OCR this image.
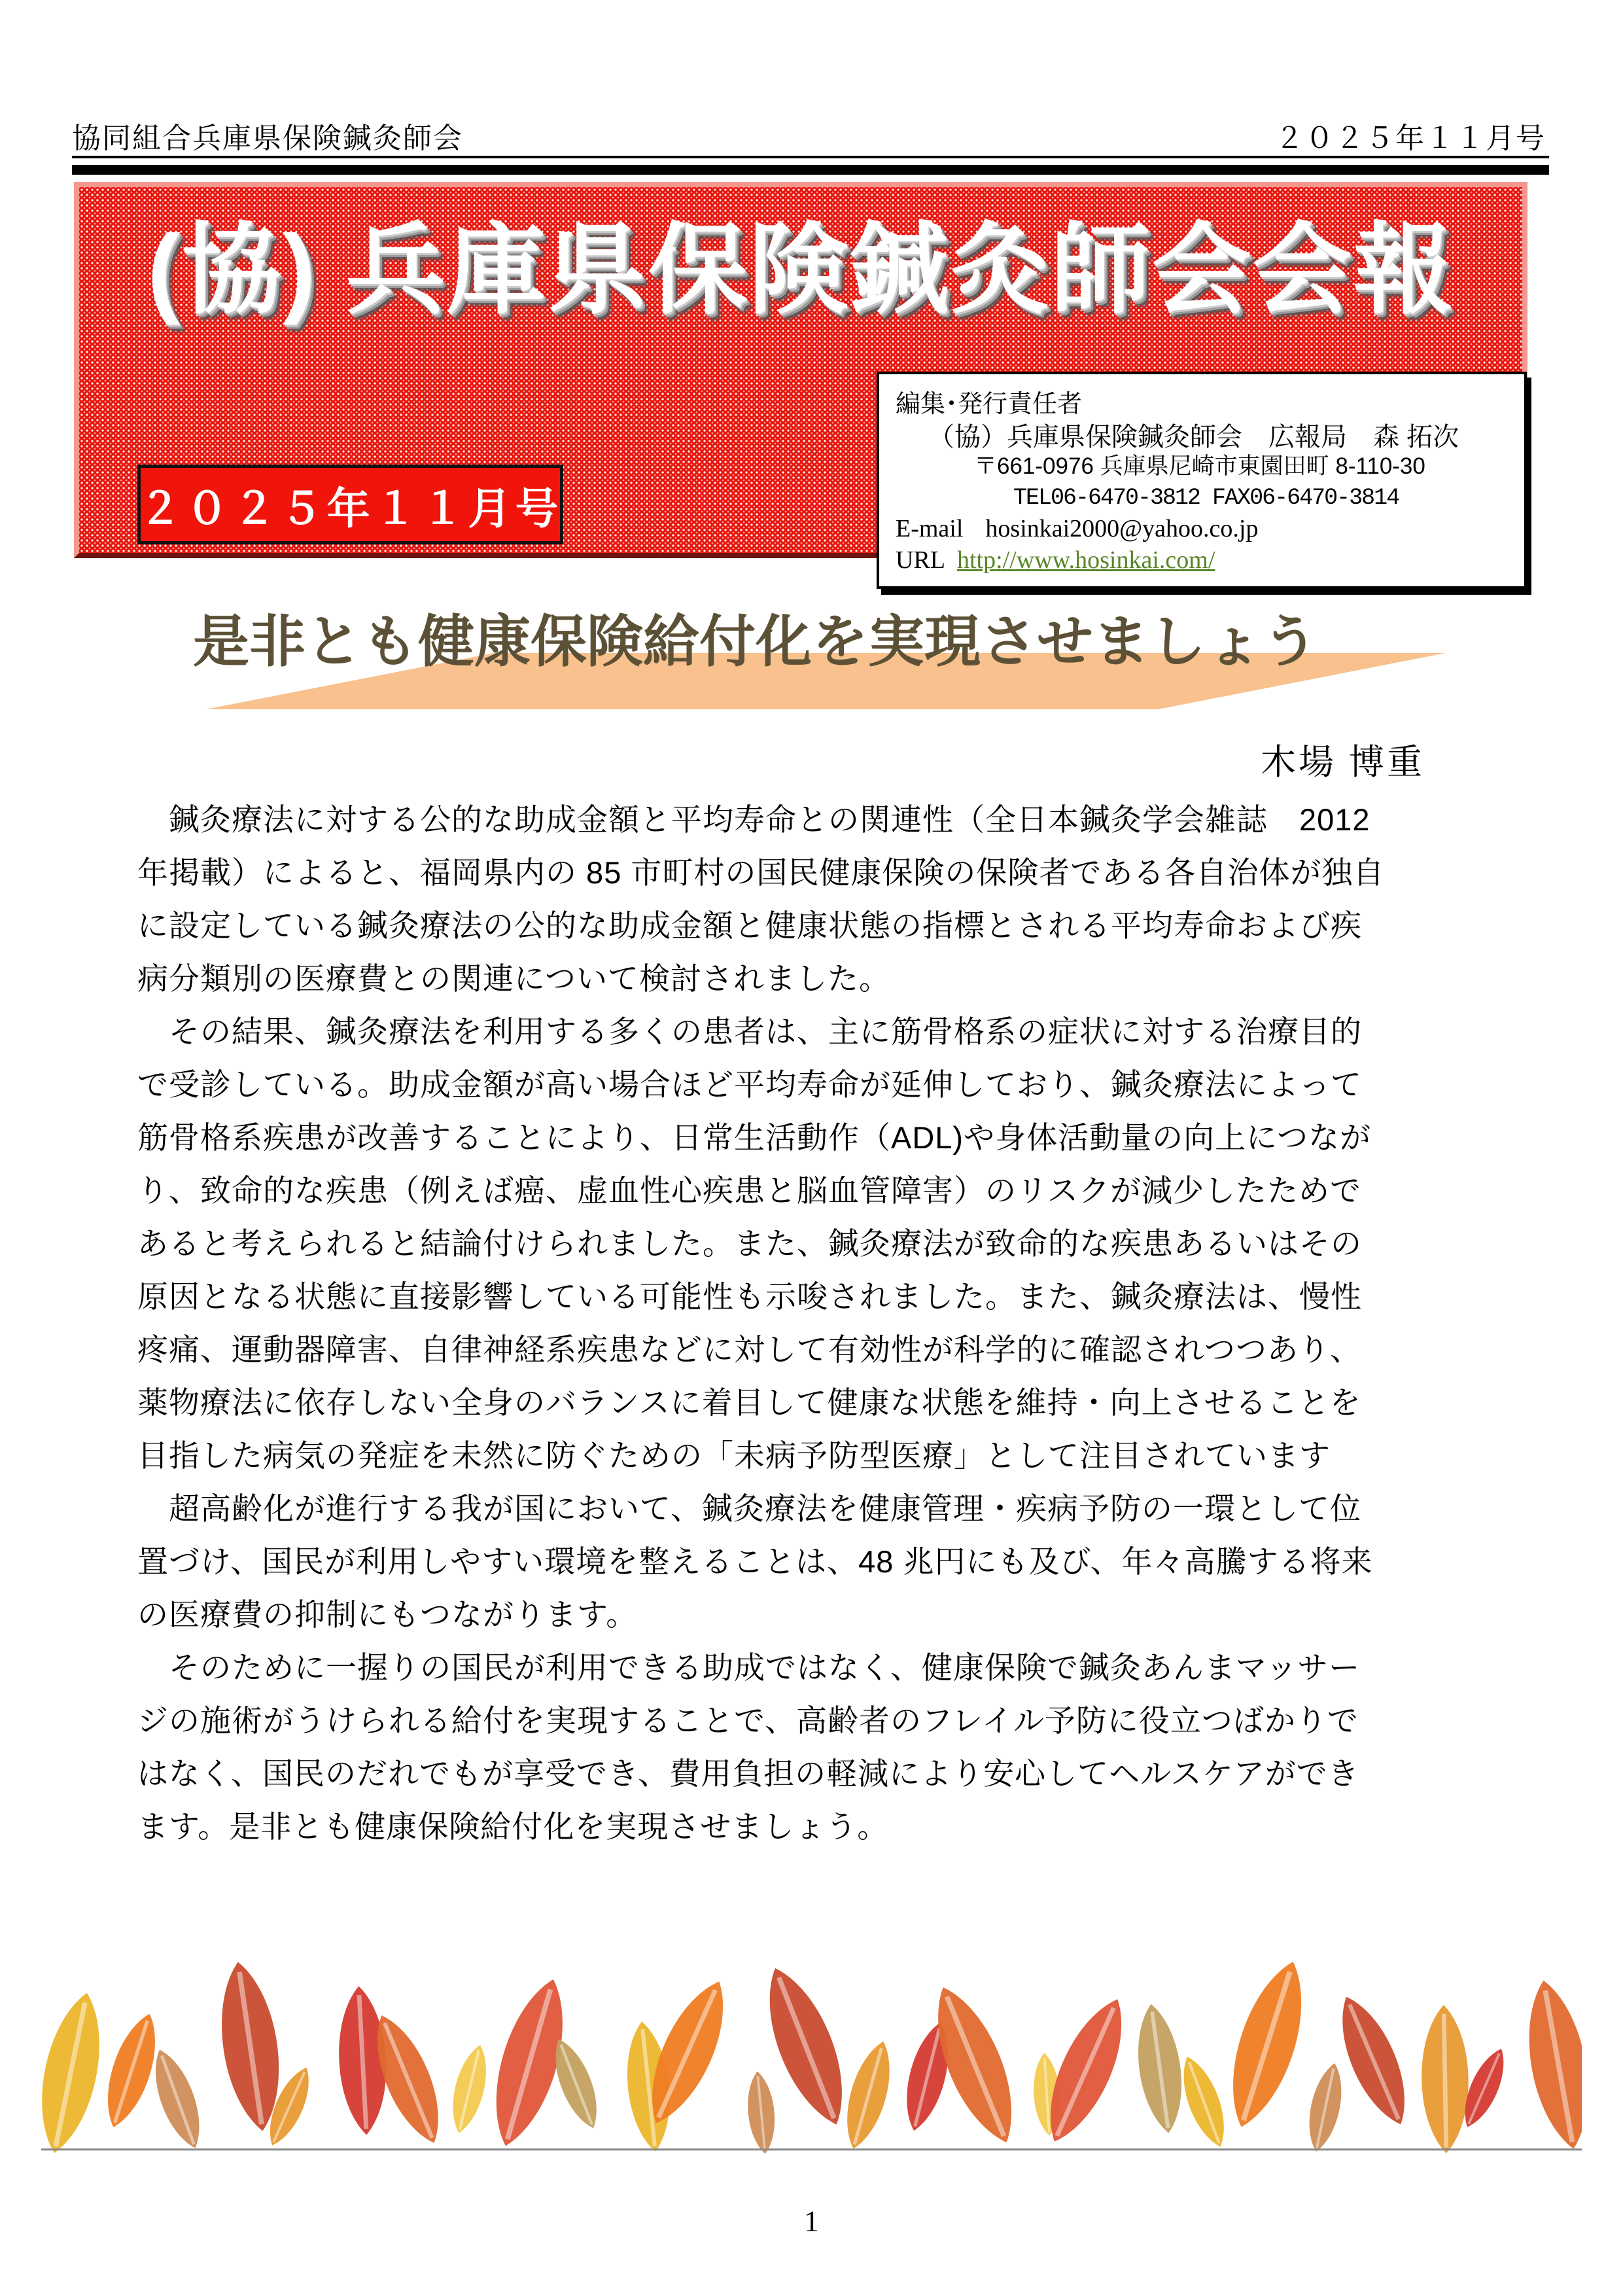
協同組合兵庫県保険鍼灸師会	２０２５年１１月号
(協) 兵庫県保険鍼灸師会会報
２０２５年１１月号
編集･発行責任者
（協）兵庫県保険鍼灸師会　広報局　森 拓次
〒661-0976 兵庫県尼崎市東園田町 8-110-30
TEL06-6470-3812 FAX06-6470-3814
E-mail hosinkai2000@yahoo.co.jp
URL http://www.hosinkai.com/
是非とも健康保険給付化を実現させましょう
木場 博重
　鍼灸療法に対する公的な助成金額と平均寿命との関連性（全日本鍼灸学会雑誌　2012
年掲載）によると、福岡県内の 85 市町村の国民健康保険の保険者である各自治体が独自
に設定している鍼灸療法の公的な助成金額と健康状態の指標とされる平均寿命および疾
病分類別の医療費との関連について検討されました。
　その結果、鍼灸療法を利用する多くの患者は、主に筋骨格系の症状に対する治療目的
で受診している。助成金額が高い場合ほど平均寿命が延伸しており、鍼灸療法によって
筋骨格系疾患が改善することにより、日常生活動作（ADL)や身体活動量の向上につなが
り、致命的な疾患（例えば癌、虚血性心疾患と脳血管障害）のリスクが減少したためで
あると考えられると結論付けられました。また、鍼灸療法が致命的な疾患あるいはその
原因となる状態に直接影響している可能性も示唆されました。また、鍼灸療法は、慢性
疼痛、運動器障害、自律神経系疾患などに対して有効性が科学的に確認されつつあり、
薬物療法に依存しない全身のバランスに着目して健康な状態を維持・向上させることを
目指した病気の発症を未然に防ぐための「未病予防型医療」として注目されています
　超高齢化が進行する我が国において、鍼灸療法を健康管理・疾病予防の一環として位
置づけ、国民が利用しやすい環境を整えることは、48 兆円にも及び、年々高騰する将来
の医療費の抑制にもつながります。
　そのために一握りの国民が利用できる助成ではなく、健康保険で鍼灸あんまマッサー
ジの施術がうけられる給付を実現することで、高齢者のフレイル予防に役立つばかりで
はなく、国民のだれでもが享受でき、費用負担の軽減により安心してヘルスケアができ
ます。是非とも健康保険給付化を実現させましょう。
1
